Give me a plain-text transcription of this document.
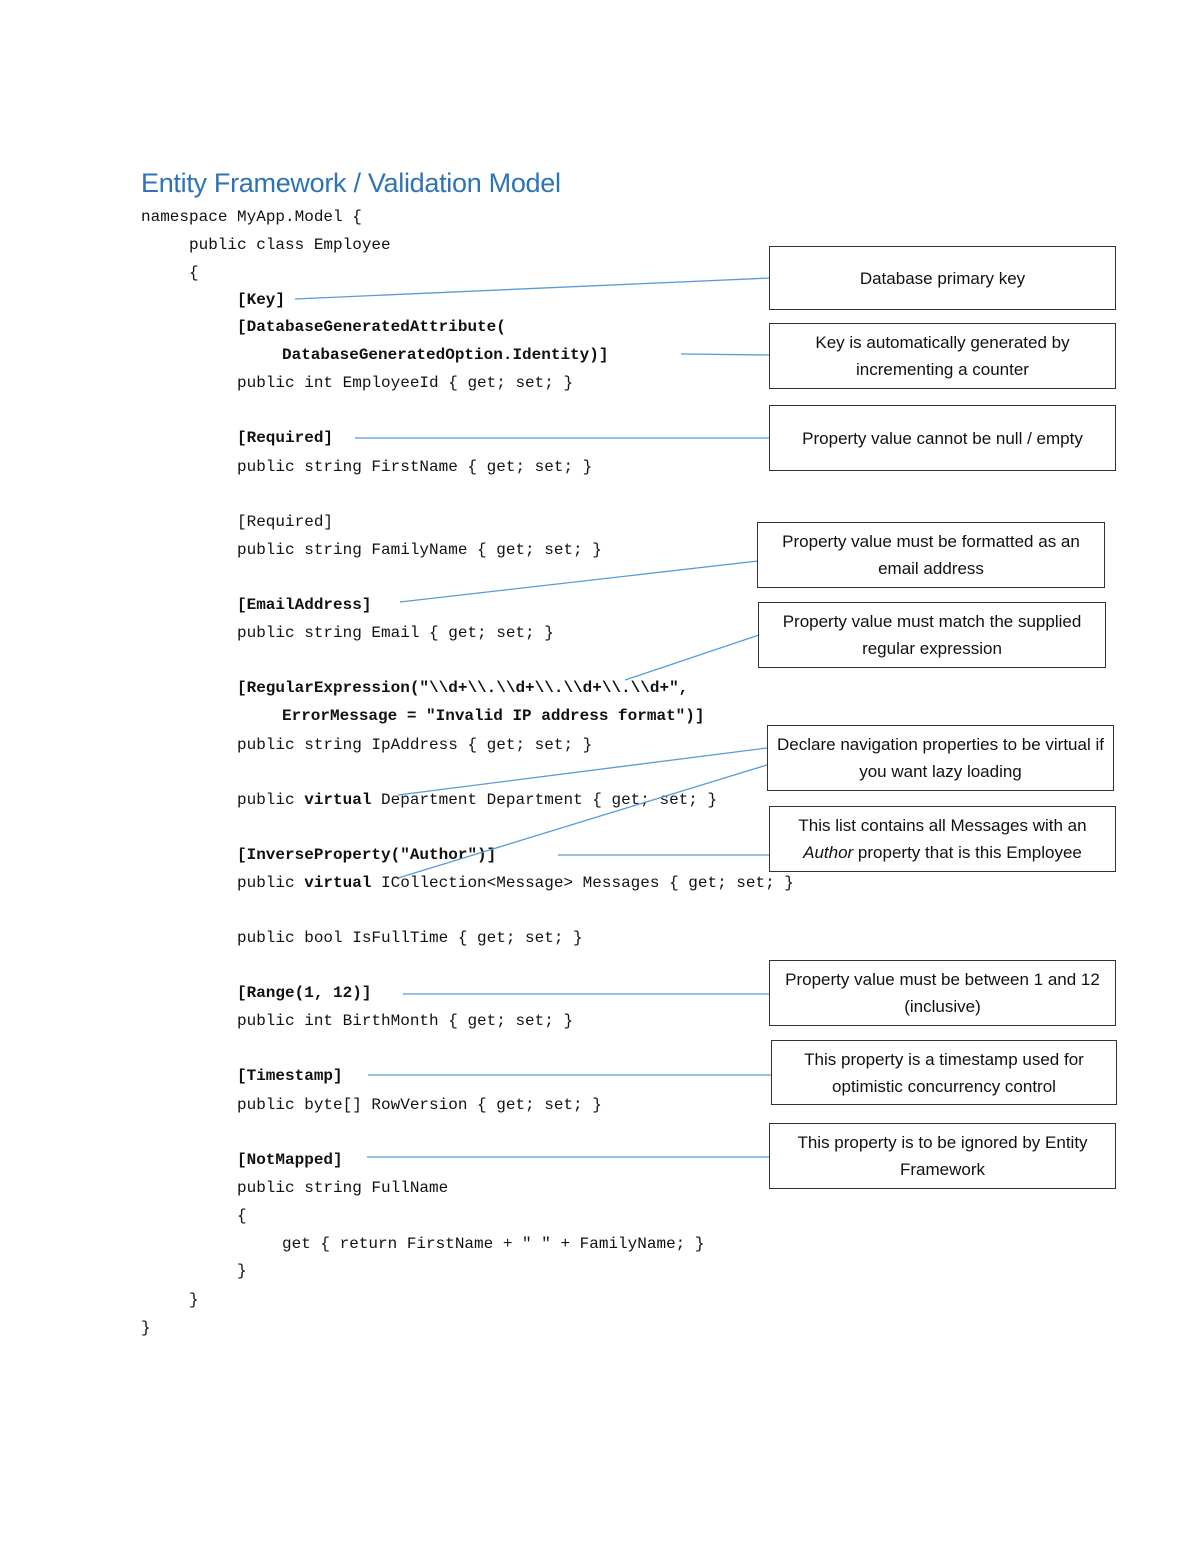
Entity Framework / Validation Model
namespace MyApp.Model {
public class Employee
{
[Key]
[DatabaseGeneratedAttribute(
DatabaseGeneratedOption.Identity)]
public int EmployeeId { get; set; }
[Required]
public string FirstName { get; set; }
[Required]
public string FamilyName { get; set; }
[EmailAddress]
public string Email { get; set; }
[RegularExpression("\\d+\\.\\d+\\.\\d+\\.\\d+",
ErrorMessage = "Invalid IP address format")]
public string IpAddress { get; set; }
public virtual Department Department { get; set; }
[InverseProperty("Author")]
public virtual ICollection<Message> Messages { get; set; }
public bool IsFullTime { get; set; }
[Range(1, 12)]
public int BirthMonth { get; set; }
[Timestamp]
public byte[] RowVersion { get; set; }
[NotMapped]
public string FullName
{
get { return FirstName + " " + FamilyName; }
}
}
}
Database primary key
Key is automatically generated by incrementing a counter
Property value cannot be null / empty
Property value must be formatted as an email address
Property value must match the supplied regular expression
Declare navigation properties to be virtual if you want lazy loading
This list contains all Messages with an Author property that is this Employee
Property value must be between 1 and 12 (inclusive)
This property is a timestamp used for optimistic concurrency control
This property is to be ignored by Entity Framework
